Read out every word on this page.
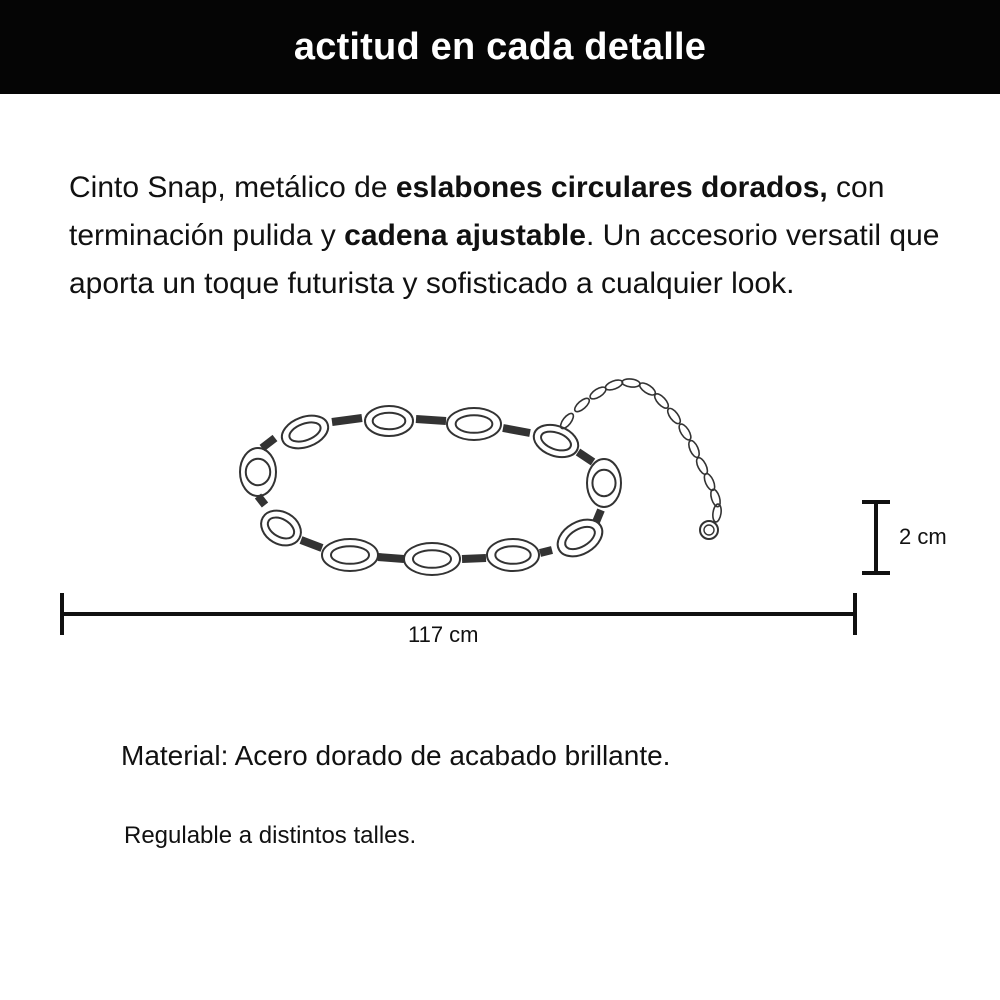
actitud en cada detalle

Cinto Snap, metálico de eslabones circulares dorados, con terminación pulida y cadena ajustable. Un accesorio versatil que aporta un toque futurista y sofisticado a cualquier look.

117 cm
2 cm

Material: Acero dorado de acabado brillante.

Regulable a distintos talles.
